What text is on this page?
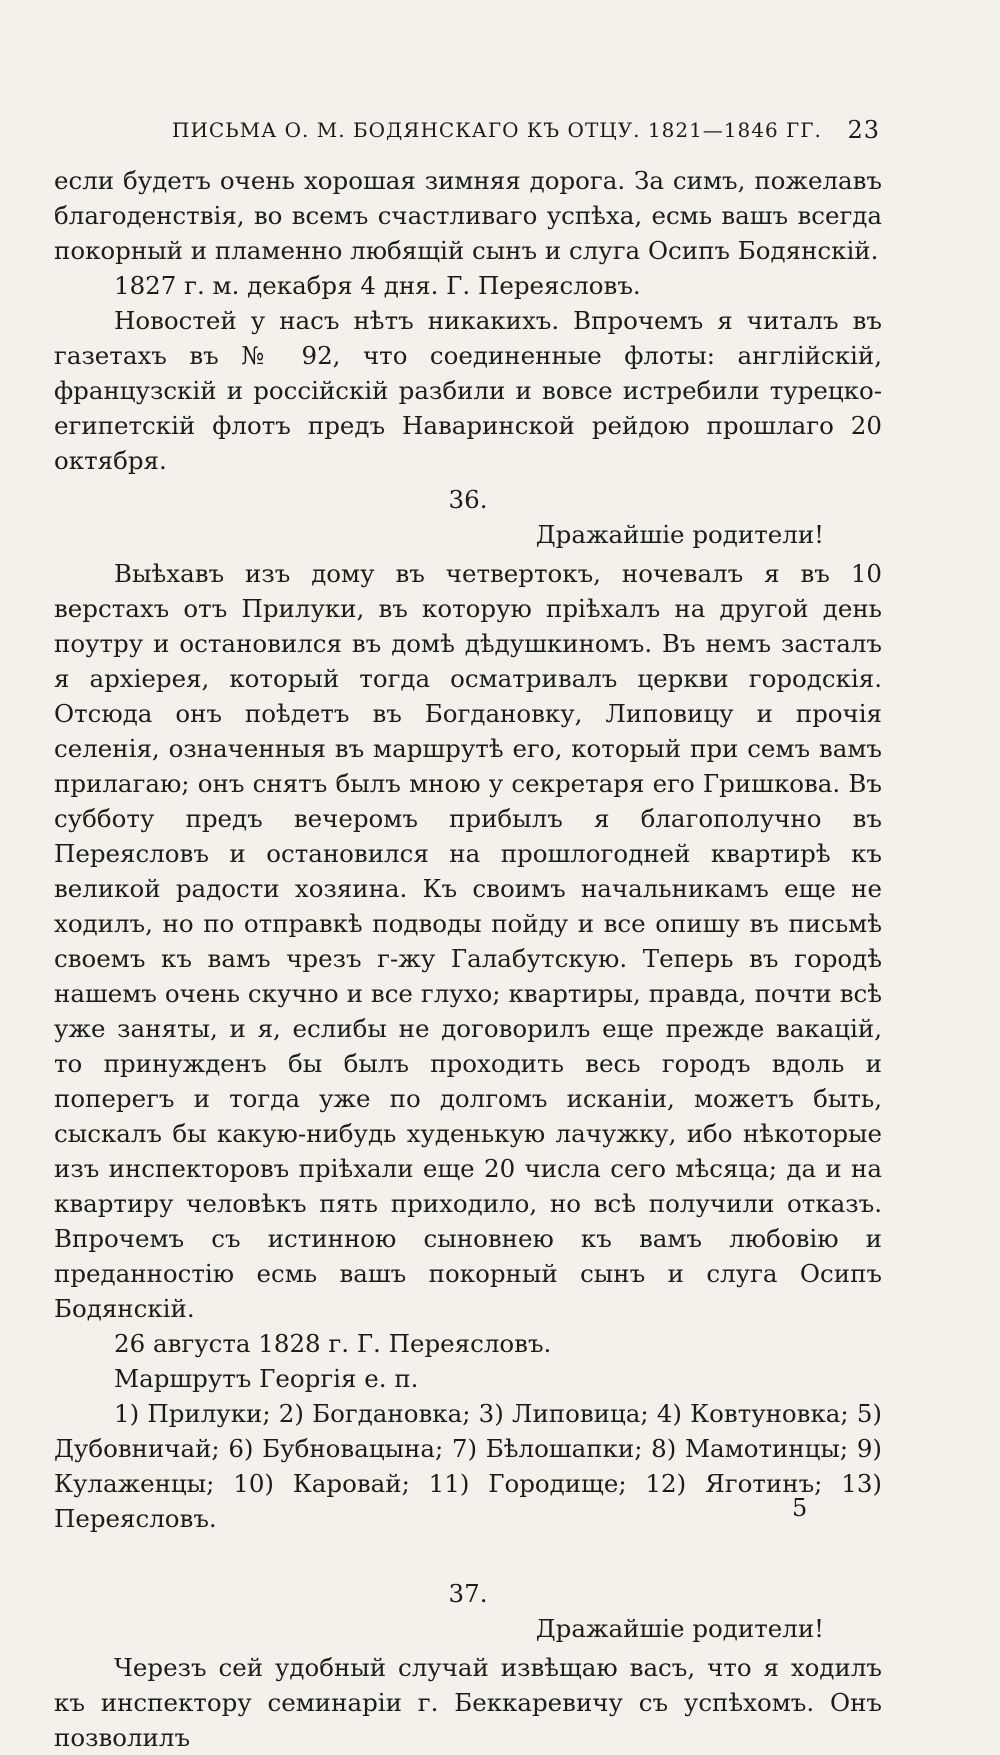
ПИСЬМА О. М. БОДЯНСКАГО КЪ ОТЦУ. 1821—1846 ГГ. 23

если будетъ очень хорошая зимняя дорога. За симъ, пожелавъ благоденствія, во всемъ счастливаго успѣха, есмь вашъ всегда покорный и пламенно любящій сынъ и слуга Осипъ Бодянскій.

1827 г. м. декабря 4 дня. Г. Переясловъ.

Новостей у насъ нѣтъ никакихъ. Впрочемъ я читалъ въ газетахъ въ № 92, что соединенные флоты: англійскій, французскій и россійскій разбили и вовсе истребили турецко-египетскій флотъ предъ Наваринской рейдою прошлаго 20 октября.

36.
Дражайшіе родители!

Выѣхавъ изъ дому въ четвертокъ, ночевалъ я въ 10 верстахъ отъ Прилуки, въ которую пріѣхалъ на другой день поутру и остановился въ домѣ дѣдушкиномъ. Въ немъ засталъ я архіерея, который тогда осматривалъ церкви городскія. Отсюда онъ поѣдетъ въ Богдановку, Липовицу и прочія селенія, означенныя въ маршрутѣ его, который при семъ вамъ прилагаю; онъ снятъ былъ мною у секретаря его Гришкова. Въ субботу предъ вечеромъ прибылъ я благополучно въ Переясловъ и остановился на прошлогодней квартирѣ къ великой радости хозяина. Къ своимъ начальникамъ еще не ходилъ, но по отправкѣ подводы пойду и все опишу въ письмѣ своемъ къ вамъ чрезъ г-жу Галабутскую. Теперь въ городѣ нашемъ очень скучно и все глухо; квартиры, правда, почти всѣ уже заняты, и я, еслибы не договорилъ еще прежде вакацій, то принужденъ бы былъ проходить весь городъ вдоль и поперегъ и тогда уже по долгомъ исканіи, можетъ быть, сыскалъ бы какую-нибудь худенькую лачужку, ибо нѣкоторые изъ инспекторовъ пріѣхали еще 20 числа сего мѣсяца; да и на квартиру человѣкъ пять приходило, но всѣ получили отказъ. Впрочемъ съ истинною сыновнею къ вамъ любовію и преданностію есмь вашъ покорный сынъ и слуга Осипъ Бодянскій.

26 августа 1828 г. Г. Переясловъ.

Маршрутъ Георгія е. п.

1) Прилуки; 2) Богдановка; 3) Липовица; 4) Ковтуновка; 5) Дубовничай; 6) Бубновацына; 7) Бѣлошапки; 8) Мамотинцы; 9) Кулаженцы; 10) Каровай; 11) Городище; 12) Яготинъ; 13) Переясловъ.

37.
Дражайшіе родители!

Черезъ сей удобный случай извѣщаю васъ, что я ходилъ къ инспектору семинаріи г. Беккаревичу съ успѣхомъ. Онъ позволилъ

5
